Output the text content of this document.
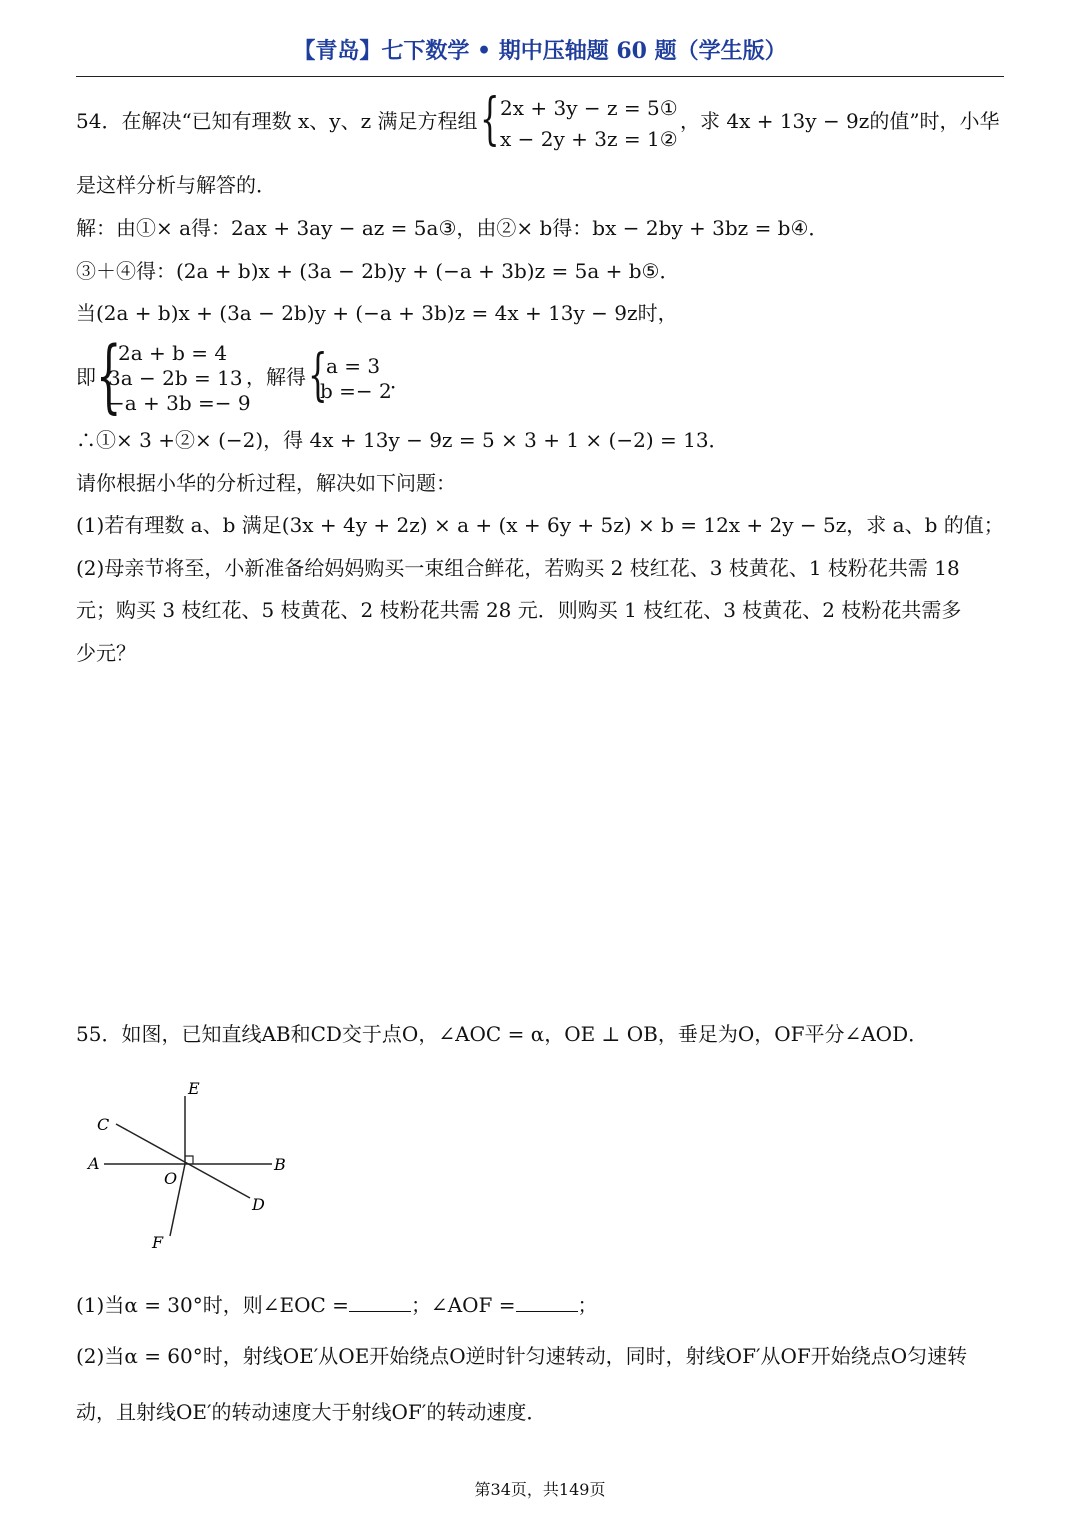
【青岛】七下数学 • 期中压轴题 60 题（学生版）
54．在解决“已知有理数 x、y、z 满足方程组 { 2x + 3y − z = 5①
x − 2y + 3z = 1②
，求 4x + 13y − 9z的值”时，小华
是这样分析与解答的．
解：由①× a得：2ax + 3ay − az = 5a③，由②× b得：bx − 2by + 3bz = b④．
③＋④得：(2a + b)x + (3a − 2b)y + (−a + 3b)z = 5a + b⑤．
当(2a + b)x + (3a − 2b)y + (−a + 3b)z = 4x + 13y − 9z时，
即 {
2a + b = 4
3a − 2b = 13
−a + 3b =− 9
，解得 {
a = 3
b =− 2
．
∴①× 3 +②× (−2)，得 4x + 13y − 9z = 5 × 3 + 1 × (−2) = 13．
请你根据小华的分析过程，解决如下问题：
(1)若有理数 a、b 满足(3x + 4y + 2z) × a + (x + 6y + 5z) × b = 12x + 2y − 5z，求 a、b 的值；
(2)母亲节将至，小新准备给妈妈购买一束组合鲜花，若购买 2 枝红花、3 枝黄花、1 枝粉花共需 18
元；购买 3 枝红花、5 枝黄花、2 枝粉花共需 28 元．则购买 1 枝红花、3 枝黄花、2 枝粉花共需多
少元？
55．如图，已知直线AB和CD交于点O，∠AOC = α，OE ⊥ OB，垂足为O，OF平分∠AOD．
A	B
C
D
E
F
O
(1)当α = 30°时，则∠EOC =	；∠AOF =	；
(2)当α = 60°时，射线OE′从OE开始绕点O逆时针匀速转动，同时，射线OF′从OF开始绕点O匀速转
动，且射线OE′的转动速度大于射线OF′的转动速度．
第34页，共149页
